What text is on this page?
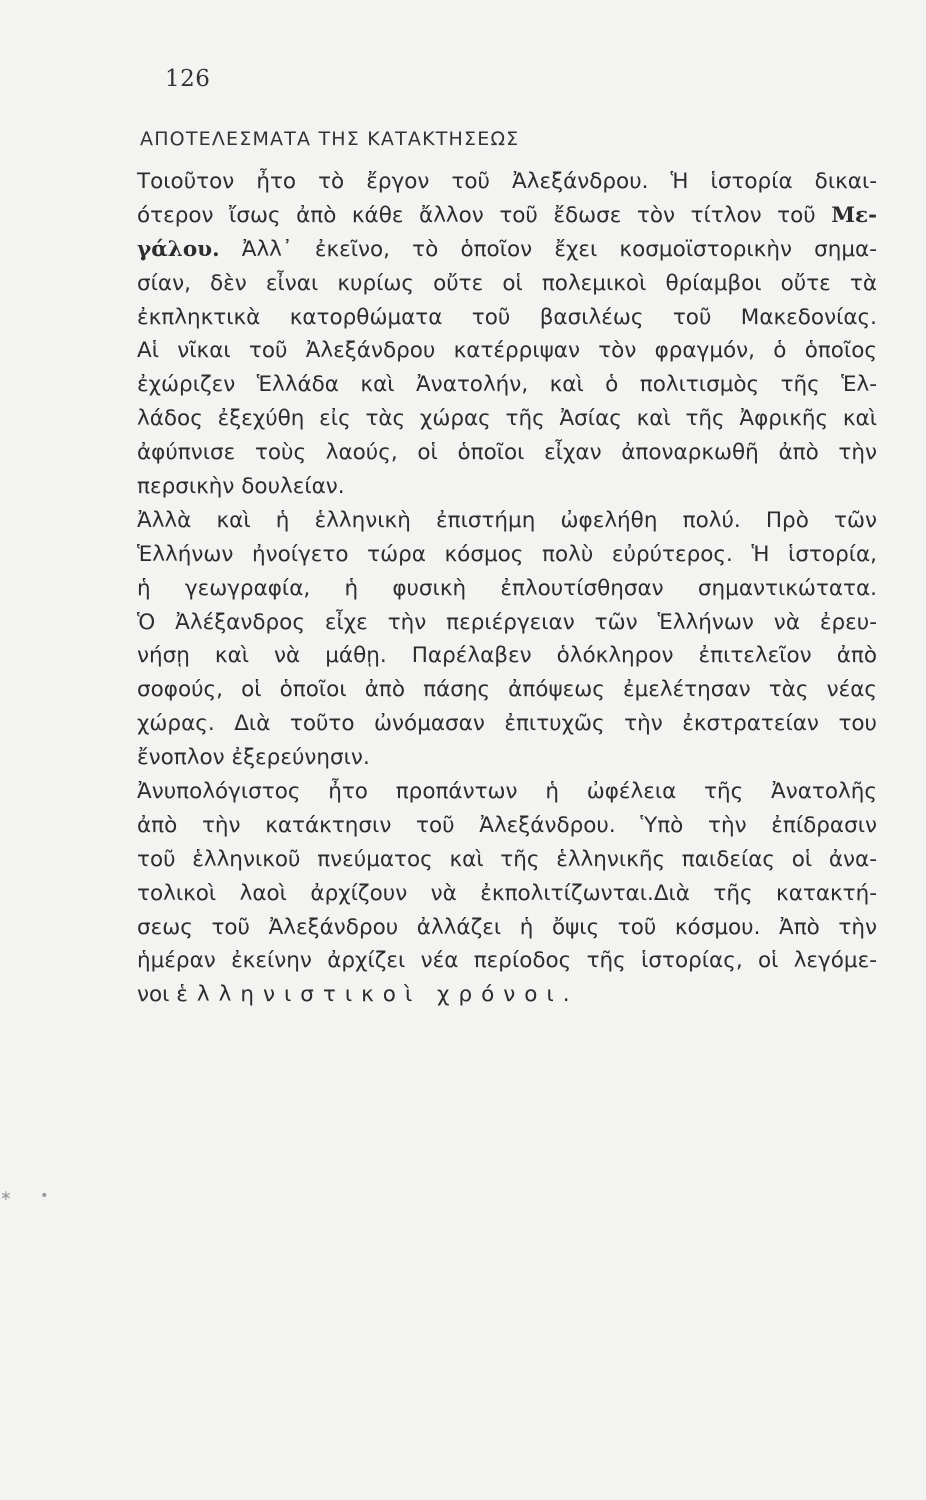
126
ΑΠΟΤΕΛΕΣΜΑΤΑ ΤΗΣ ΚΑΤΑΚΤΗΣΕΩΣ
Τοιοῦτον ἦτο τὸ ἔργον τοῦ Ἀλεξάνδρου. Ἡ ἱστορία δικαι-
ότερον ἴσως ἀπὸ κάθε ἄλλον τοῦ ἔδωσε τὸν τίτλον τοῦ Με-
γάλου. Ἀλλ᾿ ἐκεῖνο, τὸ ὁποῖον ἔχει κοσμοϊστορικὴν σημα-
σίαν, δὲν εἶναι κυρίως οὔτε οἱ πολεμικοὶ θρίαμβοι οὔτε τὰ
ἐκπληκτικὰ κατορθώματα τοῦ βασιλέως τοῦ Μακεδονίας.
Αἱ νῖκαι τοῦ Ἀλεξάνδρου κατέρριψαν τὸν φραγμόν, ὁ ὁποῖος
ἐχώριζεν Ἑλλάδα καὶ Ἀνατολήν, καὶ ὁ πολιτισμὸς τῆς Ἑλ-
λάδος ἐξεχύθη εἰς τὰς χώρας τῆς Ἀσίας καὶ τῆς Ἀφρικῆς καὶ
ἀφύπνισε τοὺς λαούς, οἱ ὁποῖοι εἶχαν ἀποναρκωθῆ ἀπὸ τὴν
περσικὴν δουλείαν.
Ἀλλὰ καὶ ἡ ἑλληνικὴ ἐπιστήμη ὠφελήθη πολύ. Πρὸ τῶν
Ἑλλήνων ἠνοίγετο τώρα κόσμος πολὺ εὐρύτερος. Ἡ ἱστορία,
ἡ γεωγραφία, ἡ φυσικὴ ἐπλουτίσθησαν σημαντικώτατα.
Ὁ Ἀλέξανδρος εἶχε τὴν περιέργειαν τῶν Ἑλλήνων νὰ ἐρευ-
νήσῃ καὶ νὰ μάθῃ. Παρέλαβεν ὁλόκληρον ἐπιτελεῖον ἀπὸ
σοφούς, οἱ ὁποῖοι ἀπὸ πάσης ἀπόψεως ἐμελέτησαν τὰς νέας
χώρας. Διὰ τοῦτο ὠνόμασαν ἐπιτυχῶς τὴν ἐκστρατείαν του
ἔνοπλον ἐξερεύνησιν.
Ἀνυπολόγιστος ἦτο προπάντων ἡ ὠφέλεια τῆς Ἀνατολῆς
ἀπὸ τὴν κατάκτησιν τοῦ Ἀλεξάνδρου. Ὑπὸ τὴν ἐπίδρασιν
τοῦ ἑλληνικοῦ πνεύματος καὶ τῆς ἑλληνικῆς παιδείας οἱ ἀνα-
τολικοὶ λαοὶ ἀρχίζουν νὰ ἐκπολιτίζωνται.Διὰ τῆς κατακτή-
σεως τοῦ Ἀλεξάνδρου ἀλλάζει ἡ ὄψις τοῦ κόσμου. Ἀπὸ τὴν
ἡμέραν ἐκείνην ἀρχίζει νέα περίοδος τῆς ἱστορίας, οἱ λεγόμε-
νοι ἑλληνιστικοὶ χρόνοι.
∗ •
